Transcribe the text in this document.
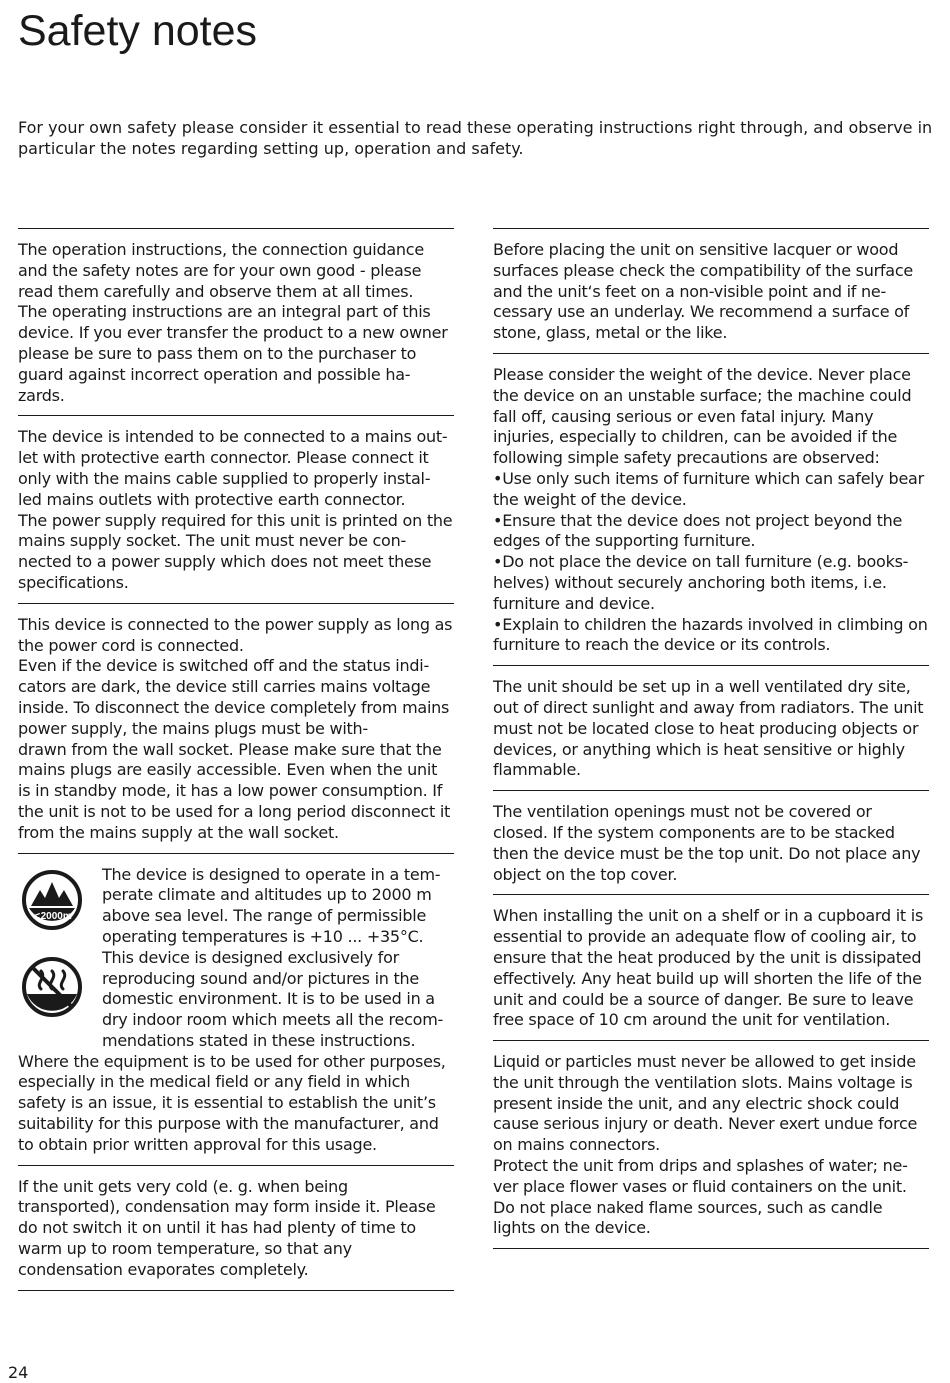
Safety notes

For your own safety please consider it essential to read these operating instructions right through, and observe in particular the notes regarding setting up, operation and safety.

The operation instructions, the connection guidance and the safety notes are for your own good - please read them carefully and observe them at all times.
The operating instructions are an integral part of this device. If you ever transfer the product to a new owner please be sure to pass them on to the purchaser to guard against incorrect operation and possible ha-
zards.

The device is intended to be connected to a mains out-
let with protective earth connector. Please connect it only with the mains cable supplied to properly instal-
led mains outlets with protective earth connector.
The power supply required for this unit is printed on the mains supply socket. The unit must never be con-
nected to a power supply which does not meet these specifications.

This device is connected to the power supply as long as the power cord is connected.
Even if the device is switched off and the status indi-
cators are dark, the device still carries mains voltage inside. To disconnect the device completely from mains power supply, the mains plugs must be with-
drawn from the wall socket. Please make sure that the mains plugs are easily accessible. Even when the unit is in standby mode, it has a low power consumption. If the unit is not to be used for a long period disconnect it from the mains supply at the wall socket.

⩽2000m

The device is designed to operate in a tem-
perate climate and altitudes up to 2000 m above sea level. The range of permissible operating temperatures is +10 ... +35°C.
This device is designed exclusively for reproducing sound and/or pictures in the domestic environment. It is to be used in a dry indoor room which meets all the recom-
mendations stated in these instructions.
Where the equipment is to be used for other purposes, especially in the medical field or any field in which safety is an issue, it is essential to establish the unit’s suitability for this purpose with the manufacturer, and to obtain prior written approval for this usage.

If the unit gets very cold (e. g. when being transported), condensation may form inside it. Please do not switch it on until it has had plenty of time to warm up to room temperature, so that any condensation evaporates completely.

Before placing the unit on sensitive lacquer or wood surfaces please check the compatibility of the surface and the unit‘s feet on a non-visible point and if ne-
cessary use an underlay. We recommend a surface of stone, glass, metal or the like.

Please consider the weight of the device. Never place the device on an unstable surface; the machine could fall off, causing serious or even fatal injury. Many injuries, especially to children, can be avoided if the following simple safety precautions are observed:
•Use only such items of furniture which can safely bear the weight of the device.
•Ensure that the device does not project beyond the edges of the supporting furniture.
•Do not place the device on tall furniture (e.g. books-
helves) without securely anchoring both items, i.e. furniture and device.
•Explain to children the hazards involved in climbing on furniture to reach the device or its controls.

The unit should be set up in a well ventilated dry site, out of direct sunlight and away from radiators. The unit must not be located close to heat producing objects or devices, or anything which is heat sensitive or highly flammable.

The ventilation openings must not be covered or closed. If the system components are to be stacked then the device must be the top unit. Do not place any object on the top cover.

When installing the unit on a shelf or in a cupboard it is essential to provide an adequate flow of cooling air, to ensure that the heat produced by the unit is dissipated effectively. Any heat build up will shorten the life of the unit and could be a source of danger. Be sure to leave free space of 10 cm around the unit for ventilation.

Liquid or particles must never be allowed to get inside the unit through the ventilation slots. Mains voltage is present inside the unit, and any electric shock could cause serious injury or death. Never exert undue force on mains connectors.
Protect the unit from drips and splashes of water; ne-
ver place flower vases or fluid containers on the unit. Do not place naked flame sources, such as candle lights on the device.

24
